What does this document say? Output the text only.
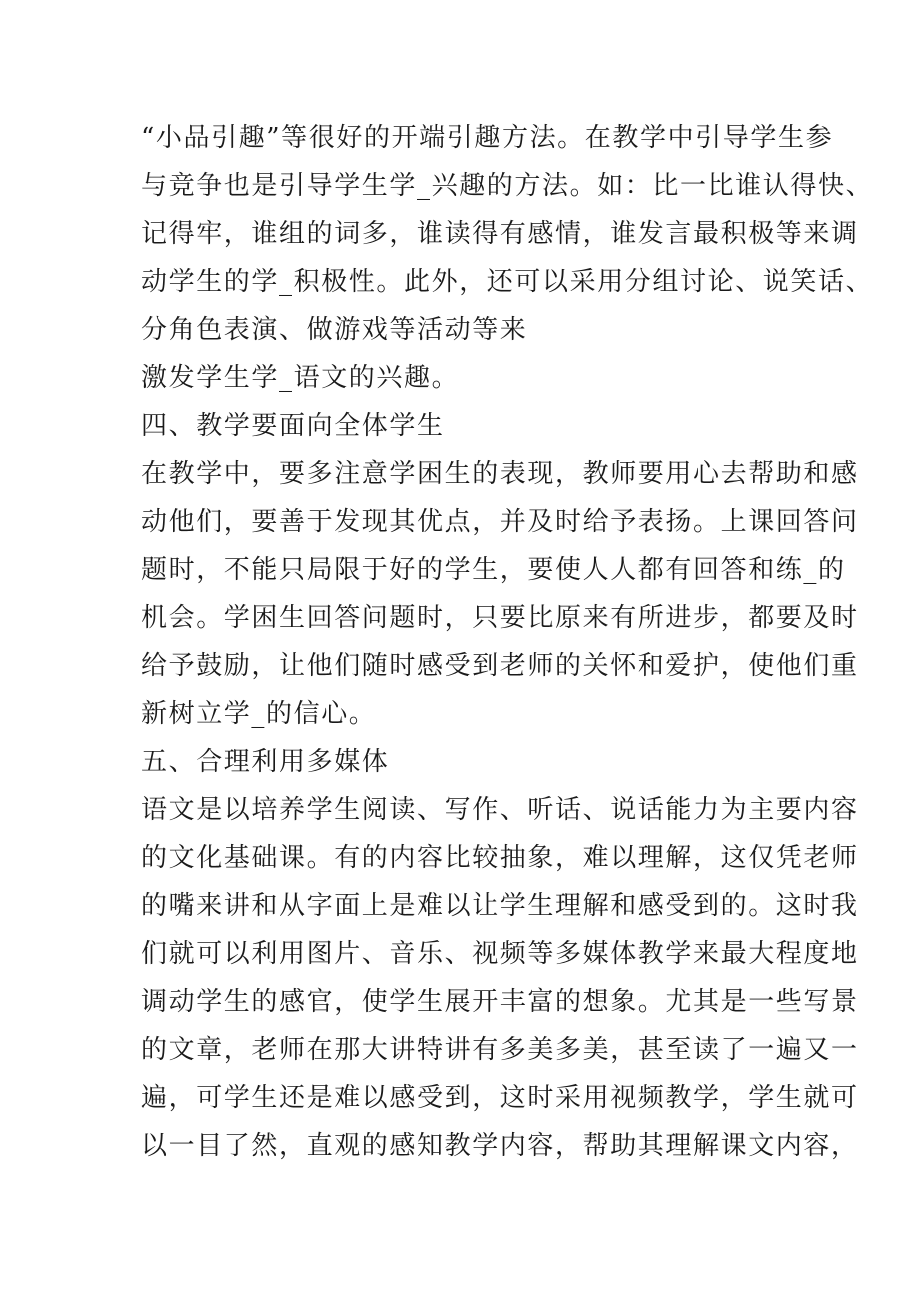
“小品引趣”等很好的开端引趣方法。在教学中引导学生参
与竞争也是引导学生学_兴趣的方法。如：比一比谁认得快、
记得牢，谁组的词多，谁读得有感情，谁发言最积极等来调
动学生的学_积极性。此外，还可以采用分组讨论、说笑话、
分角色表演、做游戏等活动等来
激发学生学_语文的兴趣。
四、教学要面向全体学生
在教学中，要多注意学困生的表现，教师要用心去帮助和感
动他们，要善于发现其优点，并及时给予表扬。上课回答问
题时，不能只局限于好的学生，要使人人都有回答和练_的
机会。学困生回答问题时，只要比原来有所进步，都要及时
给予鼓励，让他们随时感受到老师的关怀和爱护，使他们重
新树立学_的信心。
五、合理利用多媒体
语文是以培养学生阅读、写作、听话、说话能力为主要内容
的文化基础课。有的内容比较抽象，难以理解，这仅凭老师
的嘴来讲和从字面上是难以让学生理解和感受到的。这时我
们就可以利用图片、音乐、视频等多媒体教学来最大程度地
调动学生的感官，使学生展开丰富的想象。尤其是一些写景
的文章，老师在那大讲特讲有多美多美，甚至读了一遍又一
遍，可学生还是难以感受到，这时采用视频教学，学生就可
以一目了然，直观的感知教学内容，帮助其理解课文内容，
